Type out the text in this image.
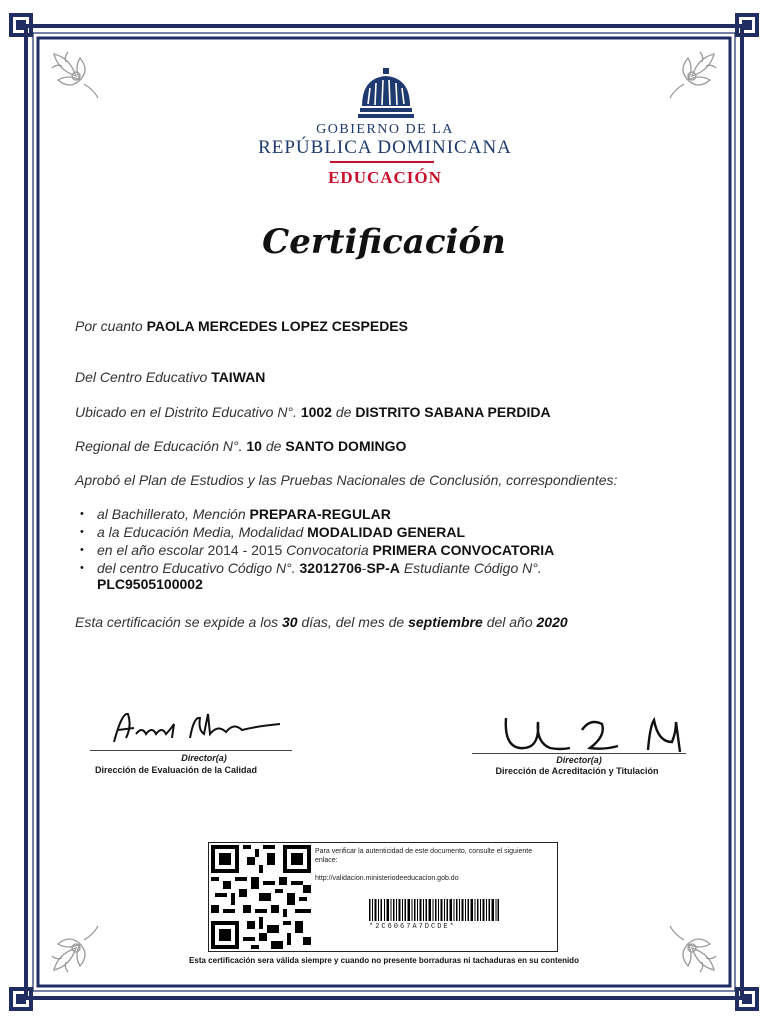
GOBIERNO DE LA
REPÚBLICA DOMINICANA
EDUCACIÓN
Certificación
Por cuanto PAOLA MERCEDES LOPEZ CESPEDES
Del Centro Educativo TAIWAN
Ubicado en el Distrito Educativo N°. 1002 de DISTRITO SABANA PERDIDA
Regional de Educación N°. 10 de SANTO DOMINGO
Aprobó el Plan de Estudios y las Pruebas Nacionales de Conclusión, correspondientes:
• al Bachillerato, Mención PREPARA-REGULAR
• a la Educación Media, Modalidad MODALIDAD GENERAL
• en el año escolar 2014 - 2015 Convocatoria PRIMERA CONVOCATORIA
• del centro Educativo Código N°. 32012706-SP-A Estudiante Código N°.
PLC9505100002
Esta certificación se expide a los 30 días, del mes de septiembre del año 2020
Director(a)
Dirección de Evaluación de la Calidad
Director(a)
Dirección de Acreditación y Titulación
Para verificar la autenticidad de este documento, consulte el siguiente
enlace:
http://validacion.ministeriodeeducacion.gob.do
*2C6067A7DCDE*
Esta certificación sera válida siempre y cuando no presente borraduras ni tachaduras en su contenido
